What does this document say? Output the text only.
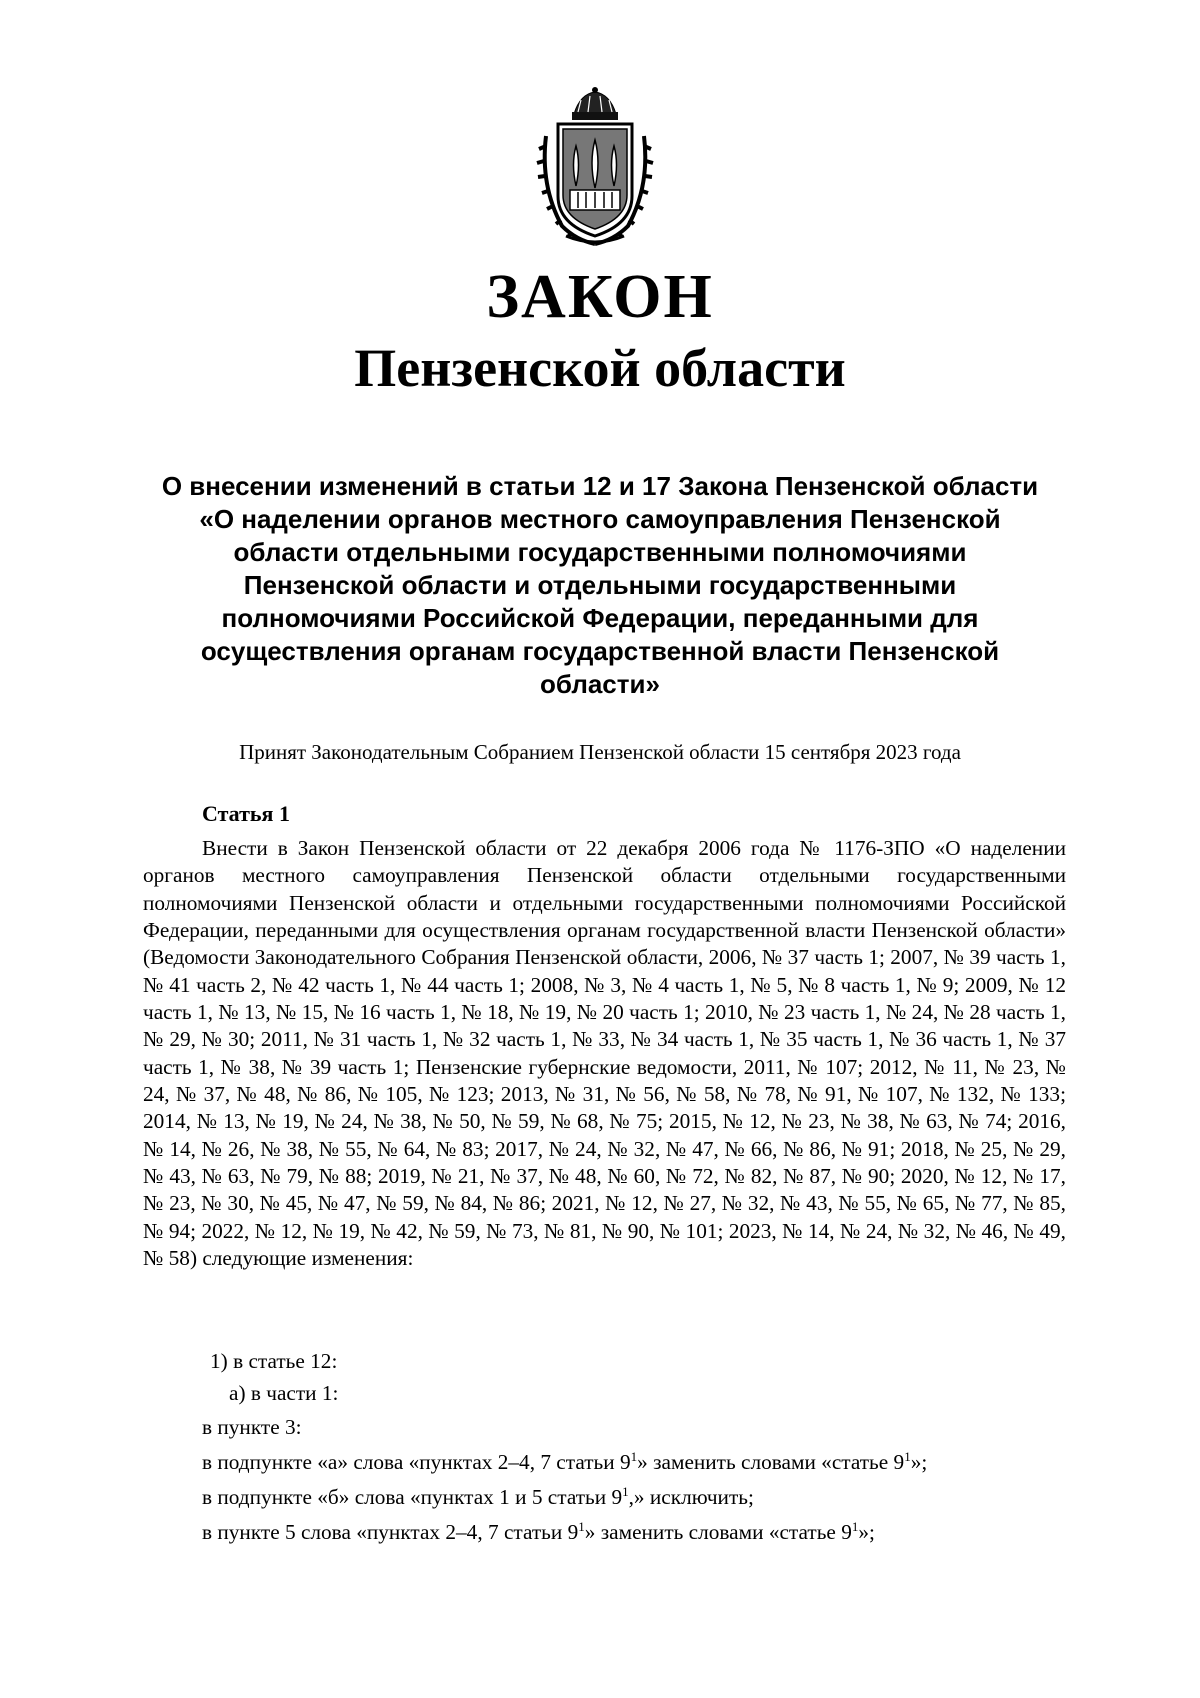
ЗАКОН
Пензенской области
О внесении изменений в статьи 12 и 17 Закона Пензенской области «О наделении органов местного самоуправления Пензенской области отдельными государственными полномочиями Пензенской области и отдельными государственными полномочиями Российской Федерации, переданными для осуществления органам государственной власти Пензенской области»
Принят Законодательным Собранием Пензенской области 15 сентября 2023 года
Статья 1
Внести в Закон Пензенской области от 22 декабря 2006 года № 1176-ЗПО «О наделении органов местного самоуправления Пензенской области отдельными государственными полномочиями Пензенской области и отдельными государственными полномочиями Российской Федерации, переданными для осуществления органам государственной власти Пензенской области» (Ведомости Законодательного Собрания Пензенской области, 2006, № 37 часть 1; 2007, № 39 часть 1, № 41 часть 2, № 42 часть 1, № 44 часть 1; 2008, № 3, № 4 часть 1, № 5, № 8 часть 1, № 9; 2009, № 12 часть 1, № 13, № 15, № 16 часть 1, № 18, № 19, № 20 часть 1; 2010, № 23 часть 1, № 24, № 28 часть 1, № 29, № 30; 2011, № 31 часть 1, № 32 часть 1, № 33, № 34 часть 1, № 35 часть 1, № 36 часть 1, № 37 часть 1, № 38, № 39 часть 1; Пензенские губернские ведомости, 2011, № 107; 2012, № 11, № 23, № 24, № 37, № 48, № 86, № 105, № 123; 2013, № 31, № 56, № 58, № 78, № 91, № 107, № 132, № 133; 2014, № 13, № 19, № 24, № 38, № 50, № 59, № 68, № 75; 2015, № 12, № 23, № 38, № 63, № 74; 2016, № 14, № 26, № 38, № 55, № 64, № 83; 2017, № 24, № 32, № 47, № 66, № 86, № 91; 2018, № 25, № 29, № 43, № 63, № 79, № 88; 2019, № 21, № 37, № 48, № 60, № 72, № 82, № 87, № 90; 2020, № 12, № 17, № 23, № 30, № 45, № 47, № 59, № 84, № 86; 2021, № 12, № 27, № 32, № 43, № 55, № 65, № 77, № 85, № 94; 2022, № 12, № 19, № 42, № 59, № 73, № 81, № 90, № 101; 2023, № 14, № 24, № 32, № 46, № 49, № 58) следующие изменения:
1) в статье 12:
а) в части 1:
в пункте 3:
в подпункте «а» слова «пунктах 2–4, 7 статьи $9^1$» заменить словами «статье $9^1$»;
в подпункте «б» слова «пунктах 1 и 5 статьи $9^1$,» исключить;
в пункте 5 слова «пунктах 2–4, 7 статьи $9^1$» заменить словами «статье $9^1$»;
